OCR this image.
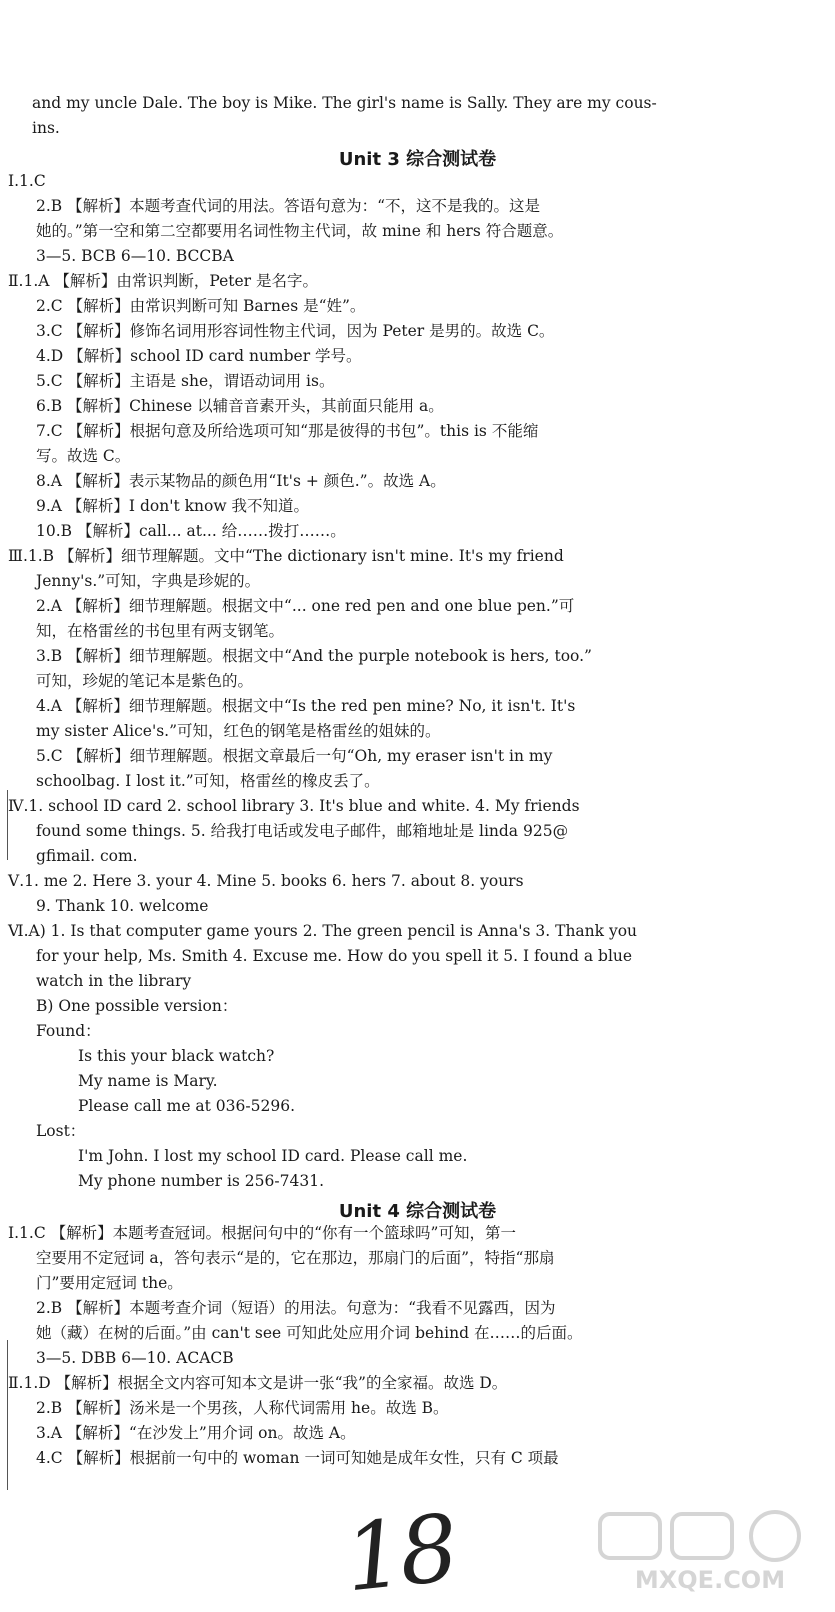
and my uncle Dale. The boy is Mike. The girl's name is Sally. They are my cous-
ins.
Unit 3 综合测试卷
Ⅰ.1.C
2.B 【解析】本题考查代词的用法。答语句意为：“不，这不是我的。这是
她的。”第一空和第二空都要用名词性物主代词，故 mine 和 hers 符合题意。
3—5. BCB 6—10. BCCBA
Ⅱ.1.A 【解析】由常识判断，Peter 是名字。
2.C 【解析】由常识判断可知 Barnes 是“姓”。
3.C 【解析】修饰名词用形容词性物主代词，因为 Peter 是男的。故选 C。
4.D 【解析】school ID card number 学号。
5.C 【解析】主语是 she，谓语动词用 is。
6.B 【解析】Chinese 以辅音音素开头，其前面只能用 a。
7.C 【解析】根据句意及所给选项可知“那是彼得的书包”。this is 不能缩
写。故选 C。
8.A 【解析】表示某物品的颜色用“It's + 颜色.”。故选 A。
9.A 【解析】I don't know 我不知道。
10.B 【解析】call... at... 给……拨打……。
Ⅲ.1.B 【解析】细节理解题。文中“The dictionary isn't mine. It's my friend
Jenny's.”可知，字典是珍妮的。
2.A 【解析】细节理解题。根据文中“... one red pen and one blue pen.”可
知，在格雷丝的书包里有两支钢笔。
3.B 【解析】细节理解题。根据文中“And the purple notebook is hers, too.”
可知，珍妮的笔记本是紫色的。
4.A 【解析】细节理解题。根据文中“Is the red pen mine? No, it isn't. It's
my sister Alice's.”可知，红色的钢笔是格雷丝的姐妹的。
5.C 【解析】细节理解题。根据文章最后一句“Oh, my eraser isn't in my
schoolbag. I lost it.”可知，格雷丝的橡皮丢了。
Ⅳ.1. school ID card 2. school library 3. It's blue and white. 4. My friends
found some things. 5. 给我打电话或发电子邮件，邮箱地址是 linda 925@
gfimail. com.
Ⅴ.1. me 2. Here 3. your 4. Mine 5. books 6. hers 7. about 8. yours
9. Thank 10. welcome
Ⅵ.A) 1. Is that computer game yours 2. The green pencil is Anna's 3. Thank you
for your help, Ms. Smith 4. Excuse me. How do you spell it 5. I found a blue
watch in the library
B) One possible version：
Found：
Is this your black watch?
My name is Mary.
Please call me at 036-5296.
Lost：
I'm John. I lost my school ID card. Please call me.
My phone number is 256-7431.
Unit 4 综合测试卷
Ⅰ.1.C 【解析】本题考查冠词。根据问句中的“你有一个篮球吗”可知，第一
空要用不定冠词 a，答句表示“是的，它在那边，那扇门的后面”，特指“那扇
门”要用定冠词 the。
2.B 【解析】本题考查介词（短语）的用法。句意为：“我看不见露西，因为
她（藏）在树的后面。”由 can't see 可知此处应用介词 behind 在……的后面。
3—5. DBB 6—10. ACACB
Ⅱ.1.D 【解析】根据全文内容可知本文是讲一张“我”的全家福。故选 D。
2.B 【解析】汤米是一个男孩，人称代词需用 he。故选 B。
3.A 【解析】“在沙发上”用介词 on。故选 A。
4.C 【解析】根据前一句中的 woman 一词可知她是成年女性，只有 C 项最
18	MXQE.COM
